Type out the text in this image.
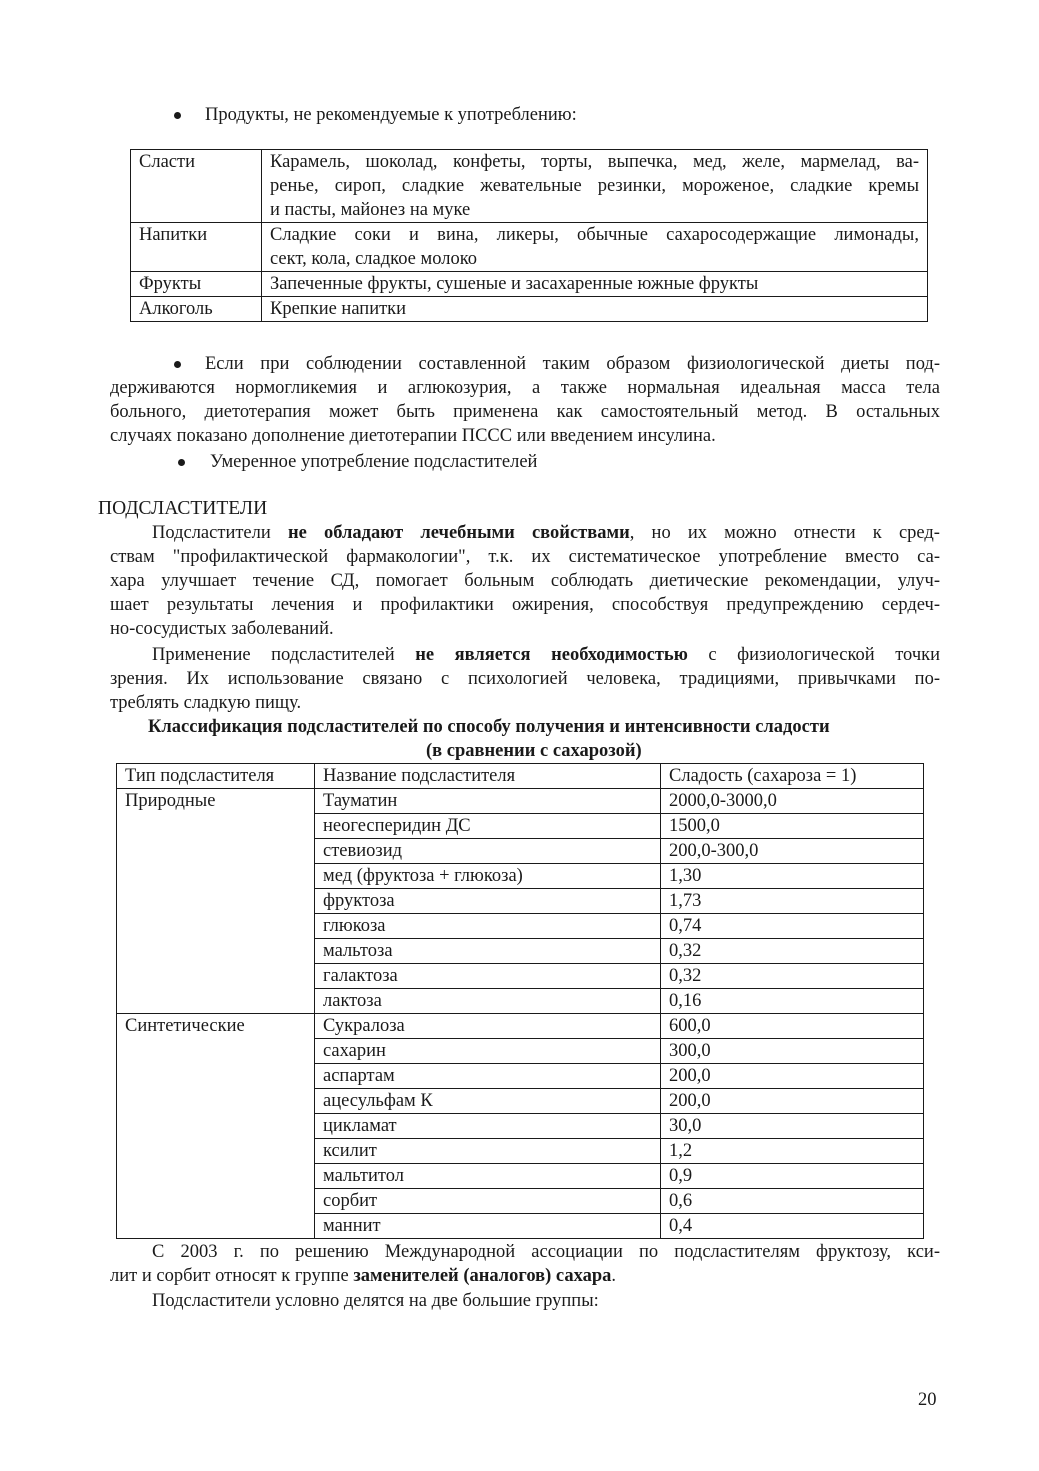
Продукты, не рекомендуемые к употреблению:
Сласти	Карамель, шоколад, конфеты, торты, выпечка, мед, желе, мармелад, ва-
ренье, сироп, сладкие жевательные резинки, мороженое, сладкие кремы
и пасты, майонез на муке

Напитки	Сладкие соки и вина, ликеры, обычные сахаросодержащие лимонады,
сект, кола, сладкое молоко

Фрукты	Запеченные фрукты, сушеные и засахаренные южные фрукты

Алкоголь	Крепкие напитки
Если при соблюдении составленной таким образом физиологической диеты под-
держиваются нормогликемия и аглюкозурия, а также нормальная идеальная масса тела
больного, диетотерапия может быть применена как самостоятельный метод. В остальных
случаях показано дополнение диетотерапии ПССС или введением инсулина.
Умеренное употребление подсластителей
ПОДСЛАСТИТЕЛИ
Подсластители не обладают лечебными свойствами, но их можно отнести к сред-
ствам "профилактической фармакологии", т.к. их систематическое употребление вместо са-
хара улучшает течение СД, помогает больным соблюдать диетические рекомендации, улуч-
шает результаты лечения и профилактики ожирения, способствуя предупреждению сердеч-
но-сосудистых заболеваний.
Применение подсластителей не является необходимостью с физиологической точки
зрения. Их использование связано с психологией человека, традициями, привычками по-
треблять сладкую пищу.
Классификация подсластителей по способу получения и интенсивности сладости
(в сравнении с сахарозой)
Тип подсластителя	Название подсластителя	Сладость (сахароза = 1)
Природные	Тауматин	2000,0-3000,0
	неогесперидин ДС	1500,0
	стевиозид	200,0-300,0
	мед (фруктоза + глюкоза)	1,30
	фруктоза	1,73
	глюкоза	0,74
	мальтоза	0,32
	галактоза	0,32
	лактоза	0,16
Синтетические	Сукралоза	600,0
	сахарин	300,0
	аспартам	200,0
	ацесульфам К	200,0
	цикламат	30,0
	ксилит	1,2
	мальтитол	0,9
	сорбит	0,6
	маннит	0,4
С 2003 г. по решению Международной ассоциации по подсластителям фруктозу, кси-
лит и сорбит относят к группе заменителей (аналогов) сахара.
Подсластители условно делятся на две большие группы:
20
